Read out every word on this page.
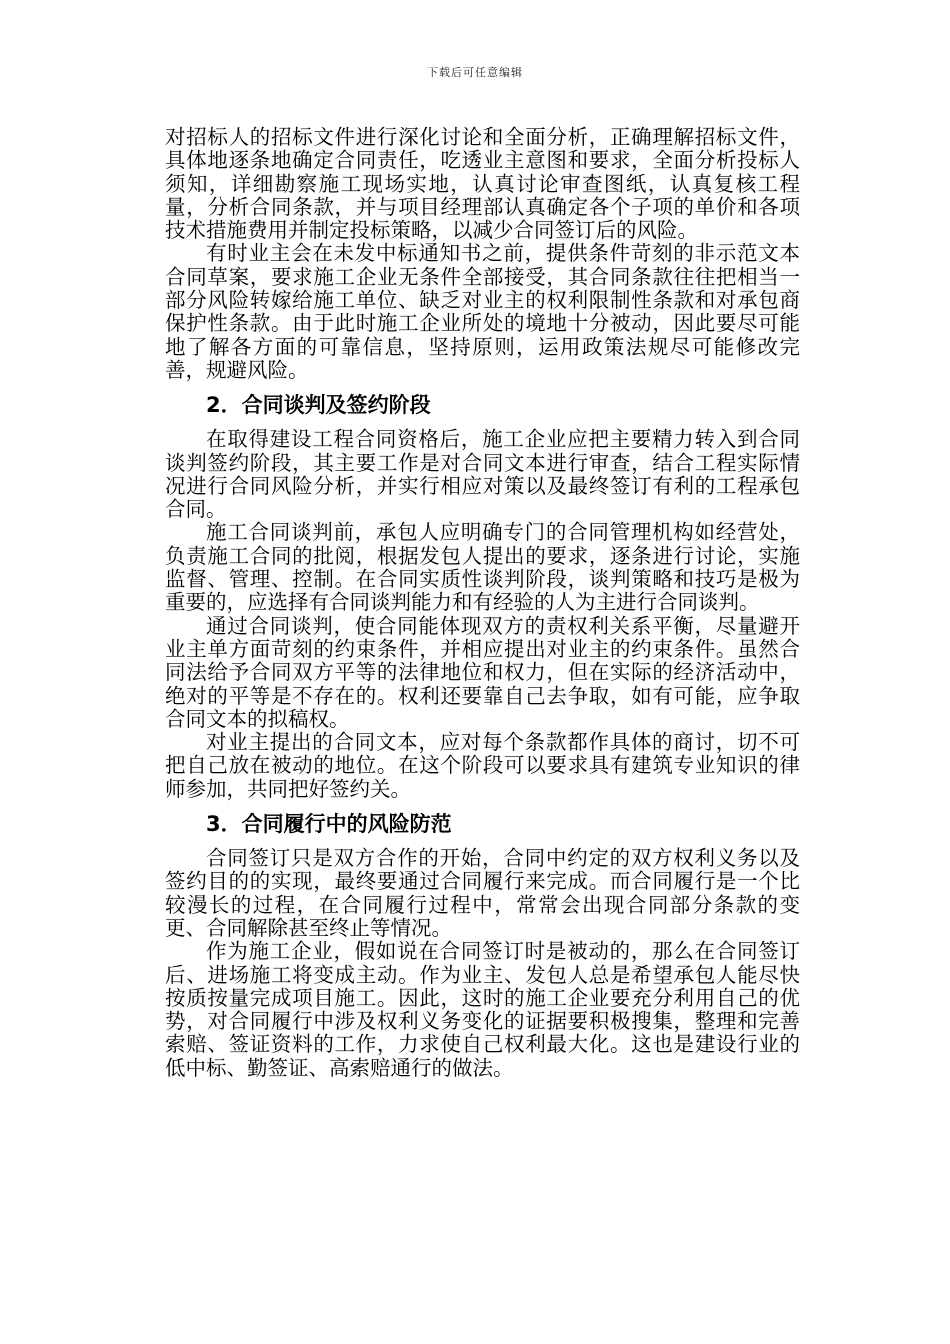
下载后可任意编辑

对招标人的招标文件进行深化讨论和全面分析，正确理解招标文件，具体地逐条地确定合同责任，吃透业主意图和要求，全面分析投标人须知，详细勘察施工现场实地，认真讨论审查图纸，认真复核工程量，分析合同条款，并与项目经理部认真确定各个子项的单价和各项技术措施费用并制定投标策略，以减少合同签订后的风险。

有时业主会在未发中标通知书之前，提供条件苛刻的非示范文本合同草案，要求施工企业无条件全部接受，其合同条款往往把相当一部分风险转嫁给施工单位、缺乏对业主的权利限制性条款和对承包商保护性条款。由于此时施工企业所处的境地十分被动，因此要尽可能地了解各方面的可靠信息，坚持原则，运用政策法规尽可能修改完善，规避风险。

2．合同谈判及签约阶段

在取得建设工程合同资格后，施工企业应把主要精力转入到合同谈判签约阶段，其主要工作是对合同文本进行审查，结合工程实际情况进行合同风险分析，并实行相应对策以及最终签订有利的工程承包合同。

施工合同谈判前，承包人应明确专门的合同管理机构如经营处，负责施工合同的批阅，根据发包人提出的要求，逐条进行讨论，实施监督、管理、控制。在合同实质性谈判阶段，谈判策略和技巧是极为重要的，应选择有合同谈判能力和有经验的人为主进行合同谈判。

通过合同谈判，使合同能体现双方的责权利关系平衡，尽量避开业主单方面苛刻的约束条件，并相应提出对业主的约束条件。虽然合同法给予合同双方平等的法律地位和权力，但在实际的经济活动中，绝对的平等是不存在的。权利还要靠自己去争取，如有可能，应争取合同文本的拟稿权。

对业主提出的合同文本，应对每个条款都作具体的商讨，切不可把自己放在被动的地位。在这个阶段可以要求具有建筑专业知识的律师参加，共同把好签约关。

3．合同履行中的风险防范

合同签订只是双方合作的开始，合同中约定的双方权利义务以及签约目的的实现，最终要通过合同履行来完成。而合同履行是一个比较漫长的过程，在合同履行过程中，常常会出现合同部分条款的变更、合同解除甚至终止等情况。

作为施工企业，假如说在合同签订时是被动的，那么在合同签订后、进场施工将变成主动。作为业主、发包人总是希望承包人能尽快按质按量完成项目施工。因此，这时的施工企业要充分利用自己的优势，对合同履行中涉及权利义务变化的证据要积极搜集，整理和完善索赔、签证资料的工作，力求使自己权利最大化。这也是建设行业的低中标、勤签证、高索赔通行的做法。
